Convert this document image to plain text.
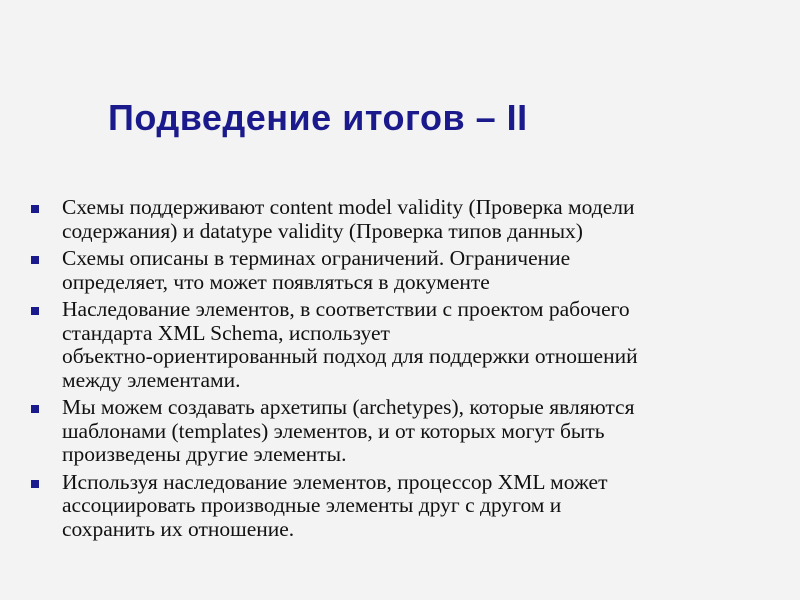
Подведение итогов – II
Схемы поддерживают content model validity (Проверка модели
содержания) и datatype validity (Проверка типов данных)
Схемы описаны в терминах ограничений. Ограничение
определяет, что может появляться в документе
Наследование элементов, в соответствии с проектом рабочего
стандарта XML Schema, использует
объектно-ориентированный подход для поддержки отношений
между элементами.
Мы можем создавать архетипы (archetypes), которые являются
шаблонами (templates) элементов, и от которых могут быть
произведены другие элементы.
Используя наследование элементов, процессор XML может
ассоциировать производные элементы друг с другом и
сохранить их отношение.
